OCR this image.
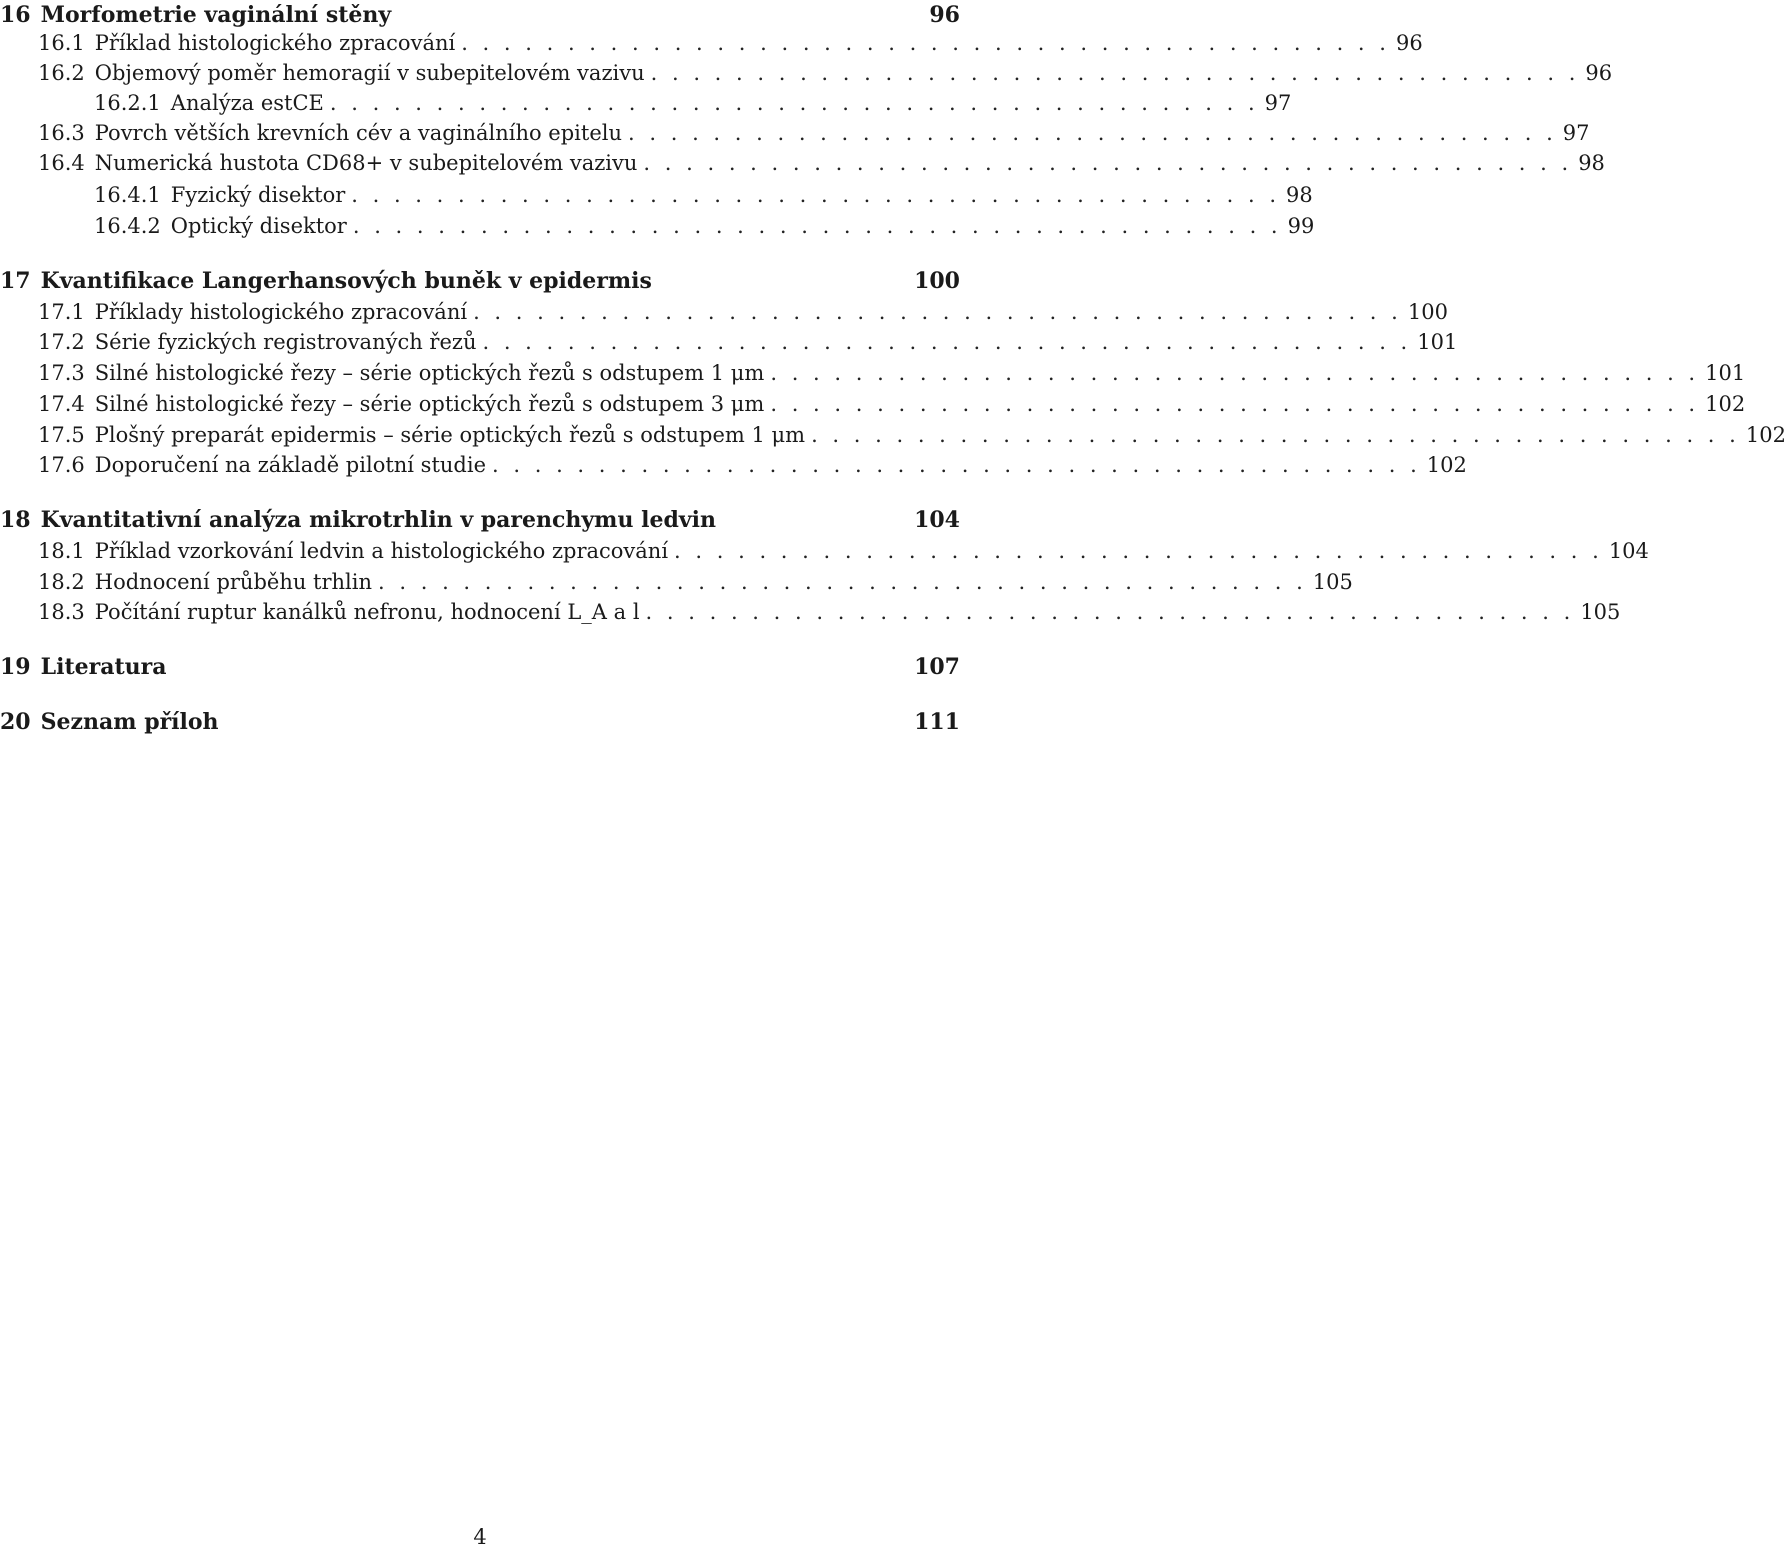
16 Morfometrie vaginální stěny	96
16.1 Příklad histologického zpracování . . . . . . . . . . . . . . . . . . . . . . . . . . . . . . . . . . . . . . . . . . . . 96
16.2 Objemový poměr hemoragií v subepitelovém vazivu . . . . . . . . . . . . . . . . . . . . . . . . . . . . . . . . . . . . . . . . . . . . 96
16.2.1 Analýza estCE . . . . . . . . . . . . . . . . . . . . . . . . . . . . . . . . . . . . . . . . . . . . 97
16.3 Povrch větších krevních cév a vaginálního epitelu . . . . . . . . . . . . . . . . . . . . . . . . . . . . . . . . . . . . . . . . . . . . 97
16.4 Numerická hustota CD68+ v subepitelovém vazivu . . . . . . . . . . . . . . . . . . . . . . . . . . . . . . . . . . . . . . . . . . . . 98
16.4.1 Fyzický disektor . . . . . . . . . . . . . . . . . . . . . . . . . . . . . . . . . . . . . . . . . . . . 98
16.4.2 Optický disektor . . . . . . . . . . . . . . . . . . . . . . . . . . . . . . . . . . . . . . . . . . . . 99
17 Kvantifikace Langerhansových buněk v epidermis	100
17.1 Příklady histologického zpracování . . . . . . . . . . . . . . . . . . . . . . . . . . . . . . . . . . . . . . . . . . . . 100
17.2 Série fyzických registrovaných řezů . . . . . . . . . . . . . . . . . . . . . . . . . . . . . . . . . . . . . . . . . . . . 101
17.3 Silné histologické řezy – série optických řezů s odstupem 1 μm . . . . . . . . . . . . . . . . . . . . . . . . . . . . . . . . . . . . . . . . . . . . 101
17.4 Silné histologické řezy – série optických řezů s odstupem 3 μm . . . . . . . . . . . . . . . . . . . . . . . . . . . . . . . . . . . . . . . . . . . . 102
17.5 Plošný preparát epidermis – série optických řezů s odstupem 1 μm . . . . . . . . . . . . . . . . . . . . . . . . . . . . . . . . . . . . . . . . . . . . 102
17.6 Doporučení na základě pilotní studie . . . . . . . . . . . . . . . . . . . . . . . . . . . . . . . . . . . . . . . . . . . . 102
18 Kvantitativní analýza mikrotrhlin v parenchymu ledvin	104
18.1 Příklad vzorkování ledvin a histologického zpracování . . . . . . . . . . . . . . . . . . . . . . . . . . . . . . . . . . . . . . . . . . . . 104
18.2 Hodnocení průběhu trhlin . . . . . . . . . . . . . . . . . . . . . . . . . . . . . . . . . . . . . . . . . . . . 105
18.3 Počítání ruptur kanálků nefronu, hodnocení L_A a l . . . . . . . . . . . . . . . . . . . . . . . . . . . . . . . . . . . . . . . . . . . . 105
19 Literatura	107
20 Seznam příloh	111
4
